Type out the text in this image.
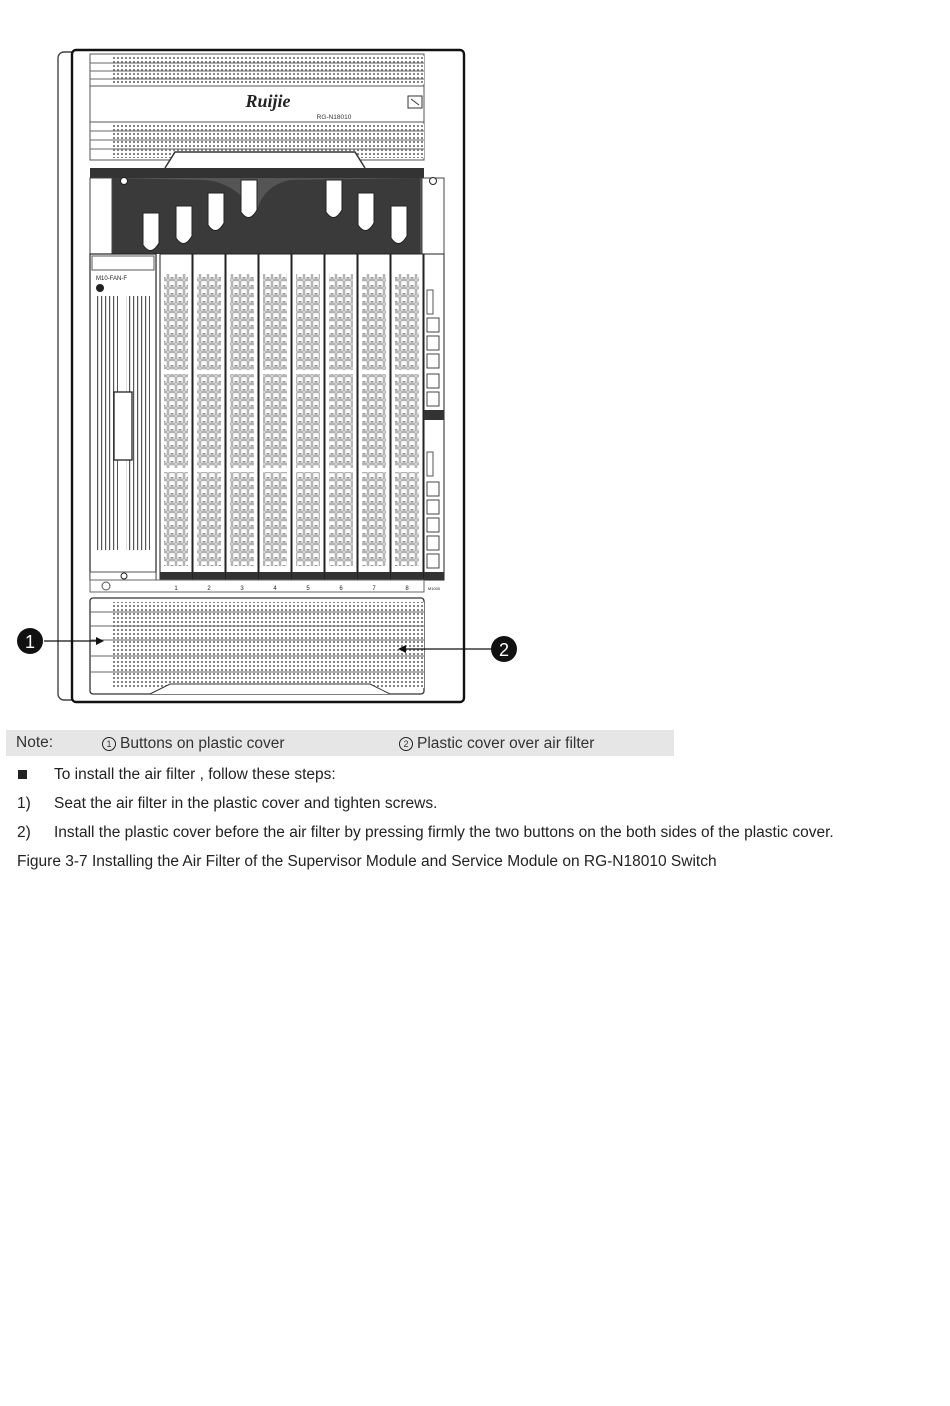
Ruijie
RG-N18010
M10-FAN-F
1	2	3	4	5	6	7	8	M1000
1	2
Note:	1 Buttons on plastic cover	2 Plastic cover over air filter
To install the air filter , follow these steps:
1) Seat the air filter in the plastic cover and tighten screws.
2) Install the plastic cover before the air filter by pressing firmly the two buttons on the both sides of the plastic cover.
Figure 3-7 Installing the Air Filter of the Supervisor Module and Service Module on RG-N18010 Switch
